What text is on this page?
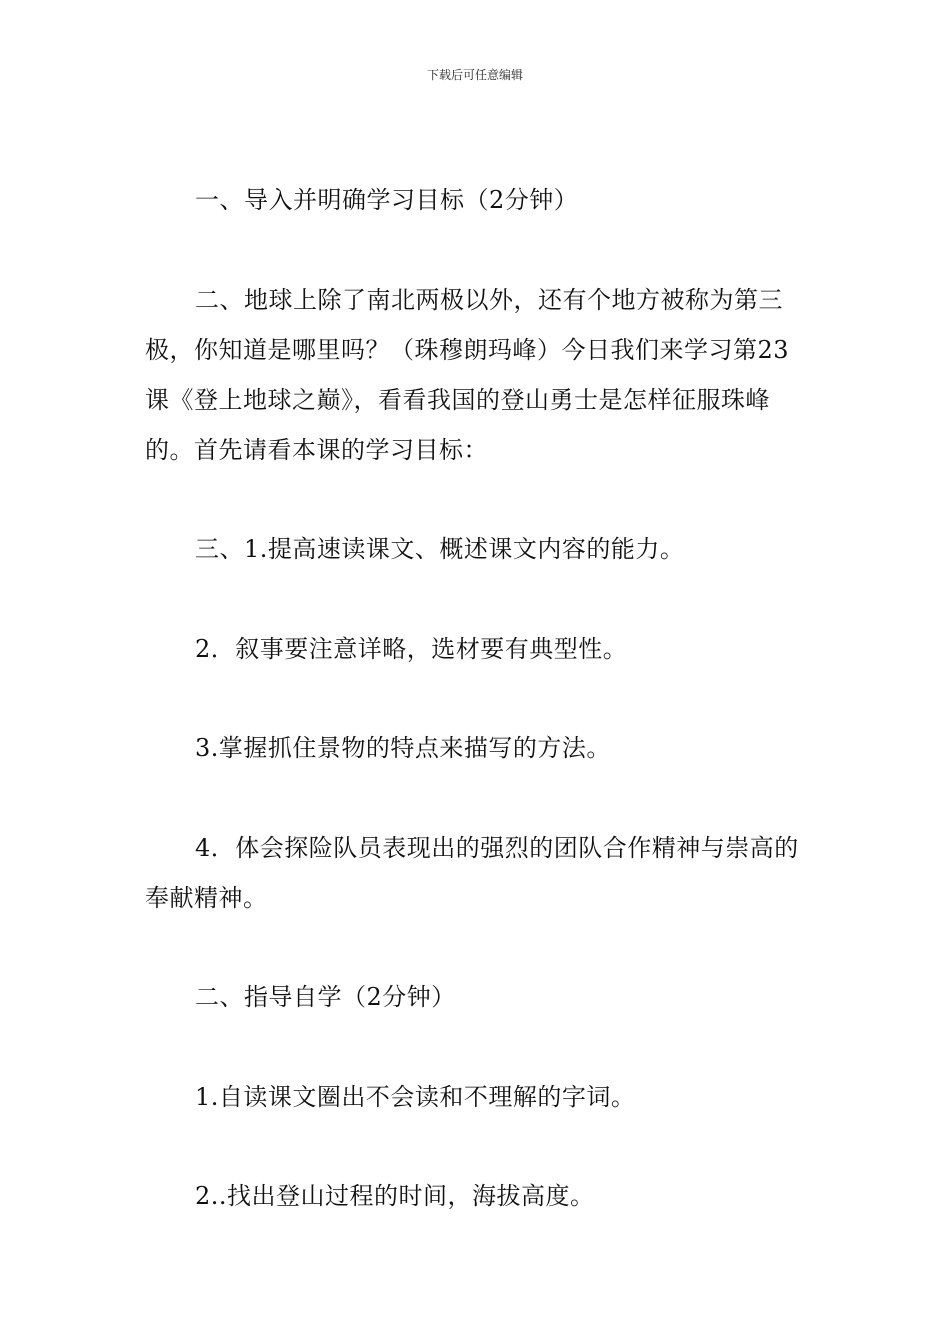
下载后可任意编辑

一、导入并明确学习目标（2分钟）

二、地球上除了南北两极以外，还有个地方被称为第三极，你知道是哪里吗？（珠穆朗玛峰）今日我们来学习第23课《登上地球之巅》，看看我国的登山勇士是怎样征服珠峰的。首先请看本课的学习目标：

三、1.提高速读课文、概述课文内容的能力。

2．叙事要注意详略，选材要有典型性。

3.掌握抓住景物的特点来描写的方法。

4．体会探险队员表现出的强烈的团队合作精神与崇高的奉献精神。

二、指导自学（2分钟）

1.自读课文圈出不会读和不理解的字词。

2..找出登山过程的时间，海拔高度。
